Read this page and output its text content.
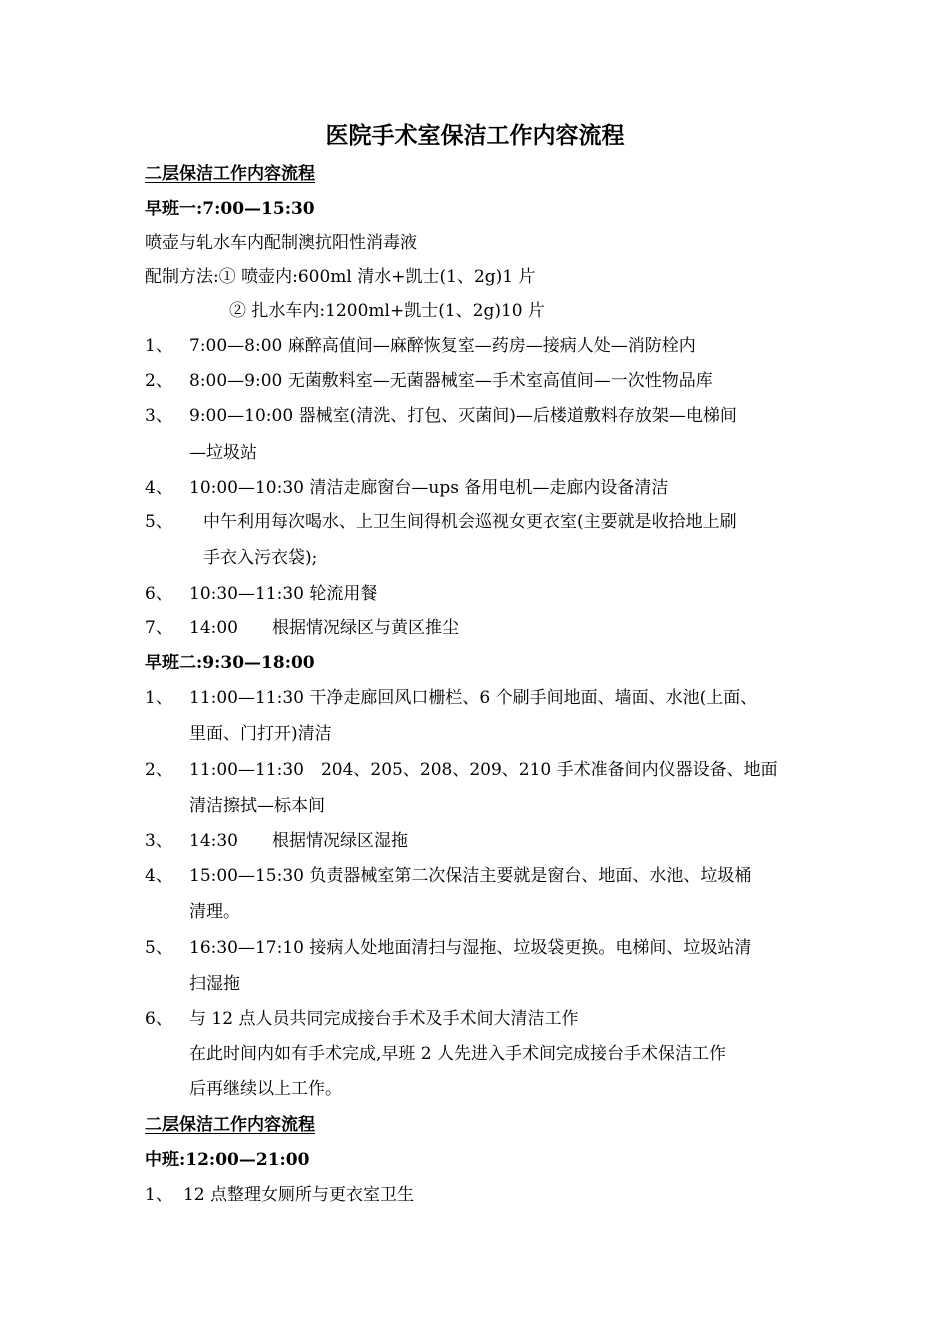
医院手术室保洁工作内容流程
二层保洁工作内容流程
早班一:7:00—15:30
喷壶与轧水车内配制澳抗阳性消毒液
配制方法:① 喷壶内:600ml 清水+凯士(1、2g)1 片
② 扎水车内:1200ml+凯士(1、2g)10 片
1、 7:00—8:00 麻醉高值间—麻醉恢复室—药房—接病人处—消防栓内
2、 8:00—9:00 无菌敷料室—无菌器械室—手术室高值间—一次性物品库
3、 9:00—10:00 器械室(清洗、打包、灭菌间)—后楼道敷料存放架—电梯间
—垃圾站
4、 10:00—10:30 清洁走廊窗台—ups 备用电机—走廊内设备清洁
5、 中午利用每次喝水、上卫生间得机会巡视女更衣室(主要就是收拾地上刷
手衣入污衣袋);
6、 10:30—11:30 轮流用餐
7、 14:00　　根据情况绿区与黄区推尘
早班二:9:30—18:00
1、 11:00—11:30 干净走廊回风口栅栏、6 个刷手间地面、墙面、水池(上面、
里面、门打开)清洁
2、 11:00—11:30　204、205、208、209、210 手术准备间内仪器设备、地面
清洁擦拭—标本间
3、 14:30　　根据情况绿区湿拖
4、 15:00—15:30 负责器械室第二次保洁主要就是窗台、地面、水池、垃圾桶
清理。
5、 16:30—17:10 接病人处地面清扫与湿拖、垃圾袋更换。电梯间、垃圾站清
扫湿拖
6、 与 12 点人员共同完成接台手术及手术间大清洁工作
在此时间内如有手术完成,早班 2 人先进入手术间完成接台手术保洁工作
后再继续以上工作。
二层保洁工作内容流程
中班:12:00—21:00
1、 12 点整理女厕所与更衣室卫生
